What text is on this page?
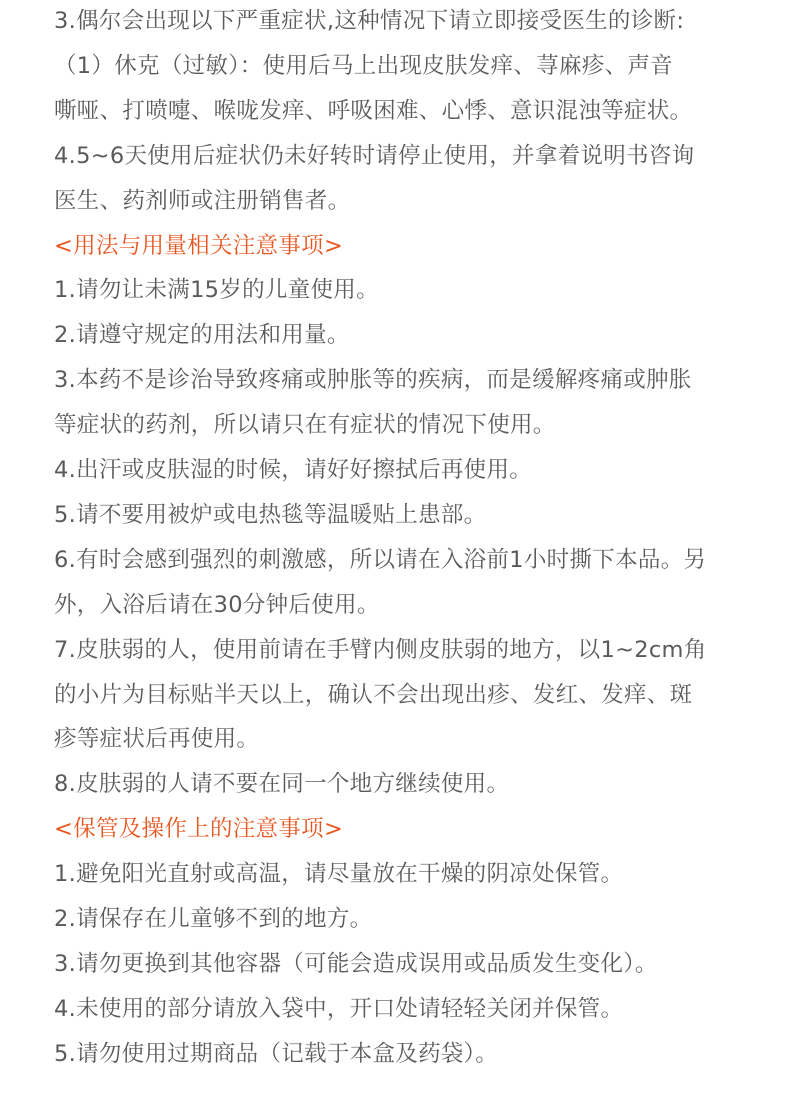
3.偶尔会出现以下严重症状,这种情况下请立即接受医生的诊断:
（1）休克（过敏）：使用后马上出现皮肤发痒、荨麻疹、声音
嘶哑、打喷嚏、喉咙发痒、呼吸困难、心悸、意识混浊等症状。
4.5~6天使用后症状仍未好转时请停止使用，并拿着说明书咨询
医生、药剂师或注册销售者。
<用法与用量相关注意事项>
1.请勿让未满15岁的儿童使用。
2.请遵守规定的用法和用量。
3.本药不是诊治导致疼痛或肿胀等的疾病，而是缓解疼痛或肿胀
等症状的药剂，所以请只在有症状的情况下使用。
4.出汗或皮肤湿的时候，请好好擦拭后再使用。
5.请不要用被炉或电热毯等温暖贴上患部。
6.有时会感到强烈的刺激感，所以请在入浴前1小时撕下本品。另
外，入浴后请在30分钟后使用。
7.皮肤弱的人，使用前请在手臂内侧皮肤弱的地方，以1~2cm角
的小片为目标贴半天以上，确认不会出现出疹、发红、发痒、斑
疹等症状后再使用。
8.皮肤弱的人请不要在同一个地方继续使用。
<保管及操作上的注意事项>
1.避免阳光直射或高温，请尽量放在干燥的阴凉处保管。
2.请保存在儿童够不到的地方。
3.请勿更换到其他容器（可能会造成误用或品质发生变化）。
4.未使用的部分请放入袋中，开口处请轻轻关闭并保管。
5.请勿使用过期商品（记载于本盒及药袋）。
